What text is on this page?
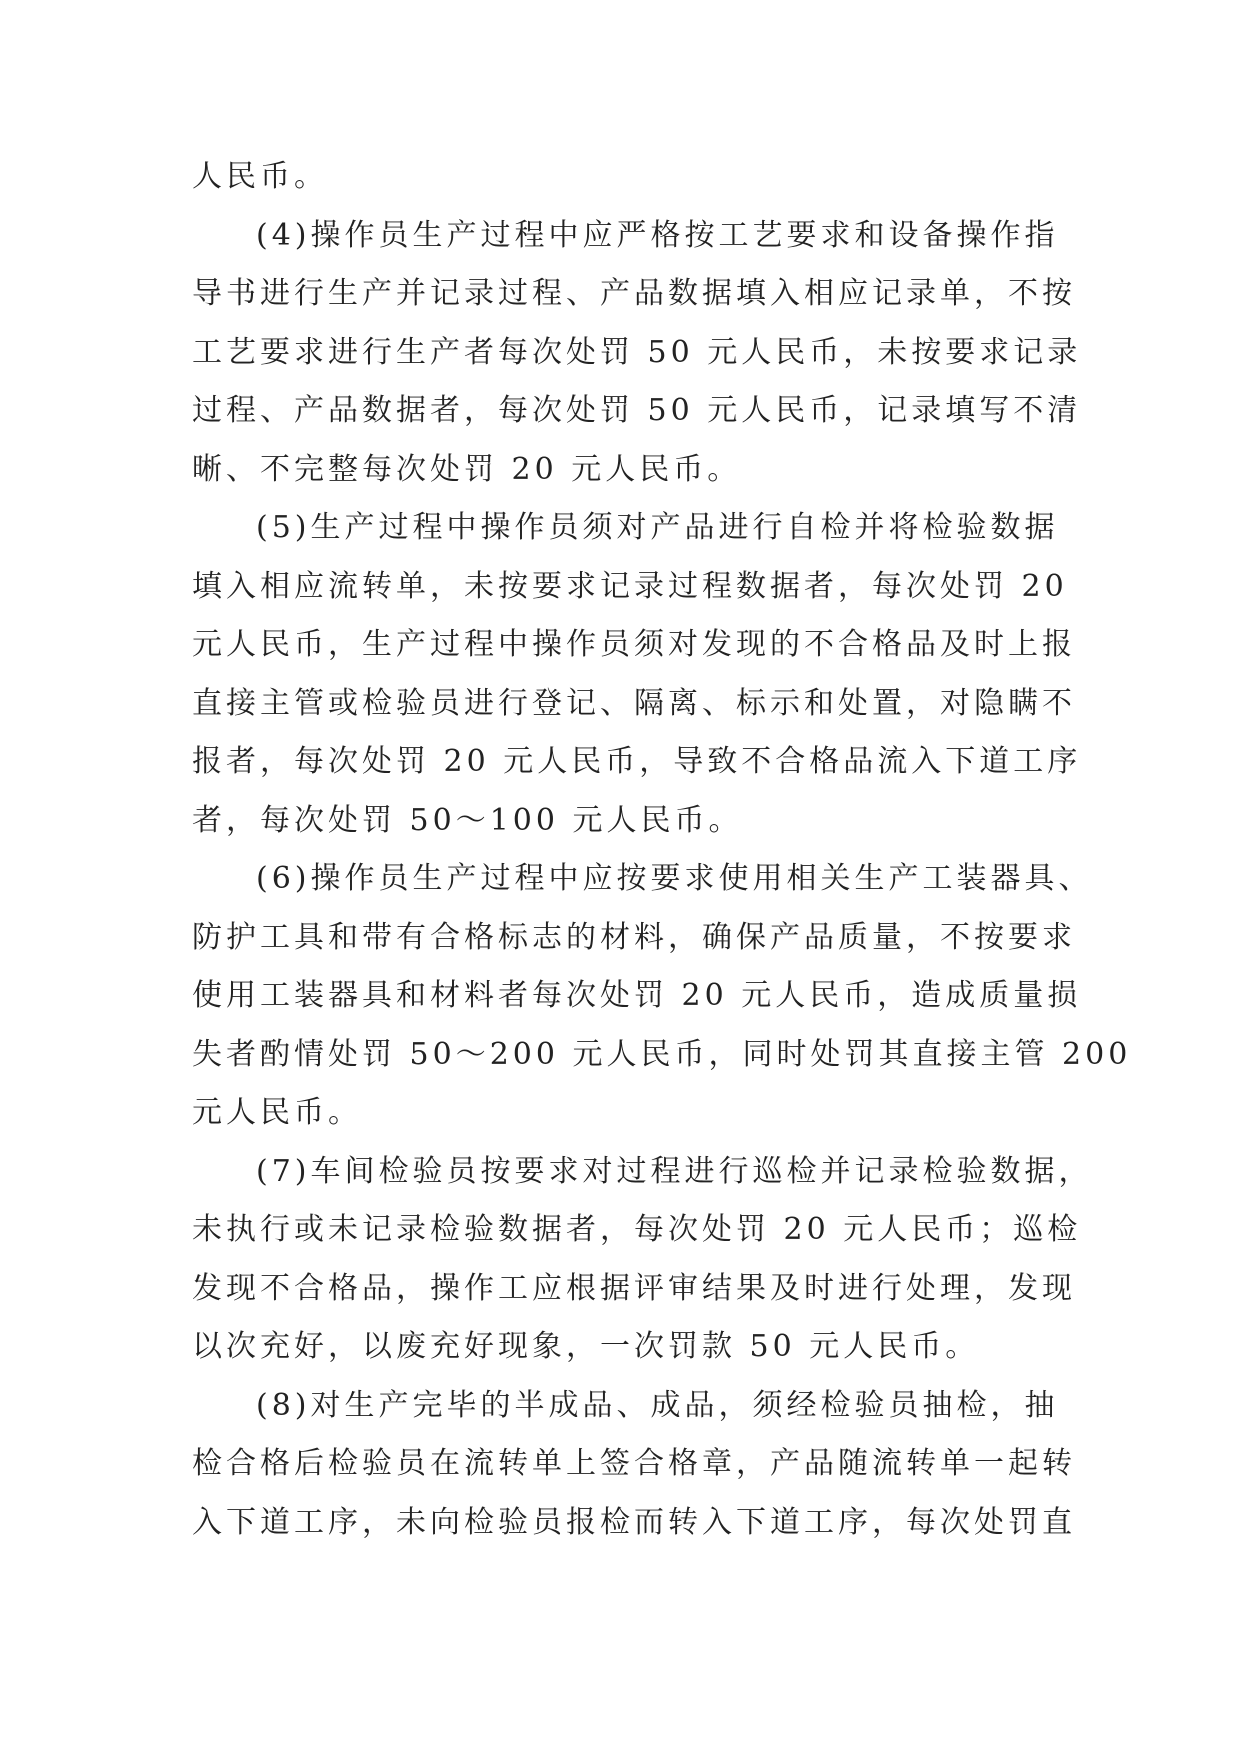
人民币。
(4)操作员生产过程中应严格按工艺要求和设备操作指
导书进行生产并记录过程、产品数据填入相应记录单，不按
工艺要求进行生产者每次处罚 50 元人民币，未按要求记录
过程、产品数据者，每次处罚 50 元人民币，记录填写不清
晰、不完整每次处罚 20 元人民币。
(5)生产过程中操作员须对产品进行自检并将检验数据
填入相应流转单，未按要求记录过程数据者，每次处罚 20
元人民币，生产过程中操作员须对发现的不合格品及时上报
直接主管或检验员进行登记、隔离、标示和处置，对隐瞒不
报者，每次处罚 20 元人民币，导致不合格品流入下道工序
者，每次处罚 50～100 元人民币。
(6)操作员生产过程中应按要求使用相关生产工装器具、
防护工具和带有合格标志的材料，确保产品质量，不按要求
使用工装器具和材料者每次处罚 20 元人民币，造成质量损
失者酌情处罚 50～200 元人民币，同时处罚其直接主管 200
元人民币。
(7)车间检验员按要求对过程进行巡检并记录检验数据，
未执行或未记录检验数据者，每次处罚 20 元人民币；巡检
发现不合格品，操作工应根据评审结果及时进行处理，发现
以次充好，以废充好现象，一次罚款 50 元人民币。
(8)对生产完毕的半成品、成品，须经检验员抽检，抽
检合格后检验员在流转单上签合格章，产品随流转单一起转
入下道工序，未向检验员报检而转入下道工序，每次处罚直
